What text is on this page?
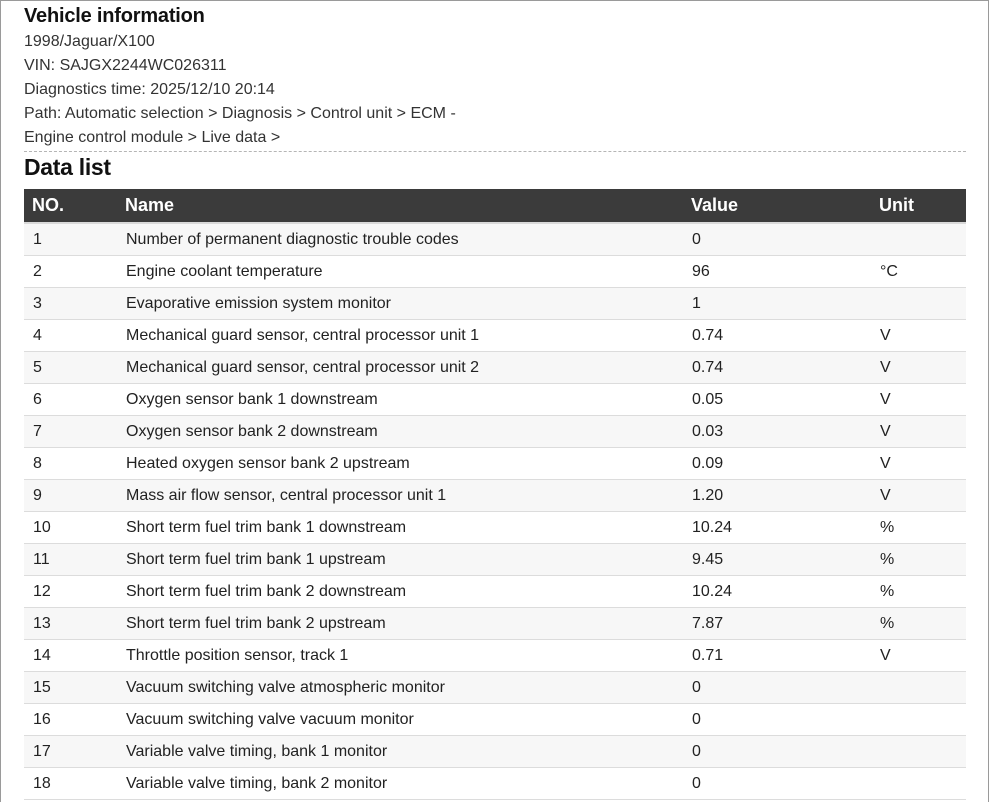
Vehicle information

1998/Jaguar/X100

VIN: SAJGX2244WC026311

Diagnostics time: 2025/12/10 20:14

Path: Automatic selection > Diagnosis > Control unit > ECM -

Engine control module > Live data >

Data list
NO.	Name	Value	Unit
1	Number of permanent diagnostic trouble codes	0	
2	Engine coolant temperature	96	°C
3	Evaporative emission system monitor	1	
4	Mechanical guard sensor, central processor unit 1	0.74	V
5	Mechanical guard sensor, central processor unit 2	0.74	V
6	Oxygen sensor bank 1 downstream	0.05	V
7	Oxygen sensor bank 2 downstream	0.03	V
8	Heated oxygen sensor bank 2 upstream	0.09	V
9	Mass air flow sensor, central processor unit 1	1.20	V
10	Short term fuel trim bank 1 downstream	10.24	%
11	Short term fuel trim bank 1 upstream	9.45	%
12	Short term fuel trim bank 2 downstream	10.24	%
13	Short term fuel trim bank 2 upstream	7.87	%
14	Throttle position sensor, track 1	0.71	V
15	Vacuum switching valve atmospheric monitor	0	
16	Vacuum switching valve vacuum monitor	0	
17	Variable valve timing, bank 1 monitor	0	
18	Variable valve timing, bank 2 monitor	0	
